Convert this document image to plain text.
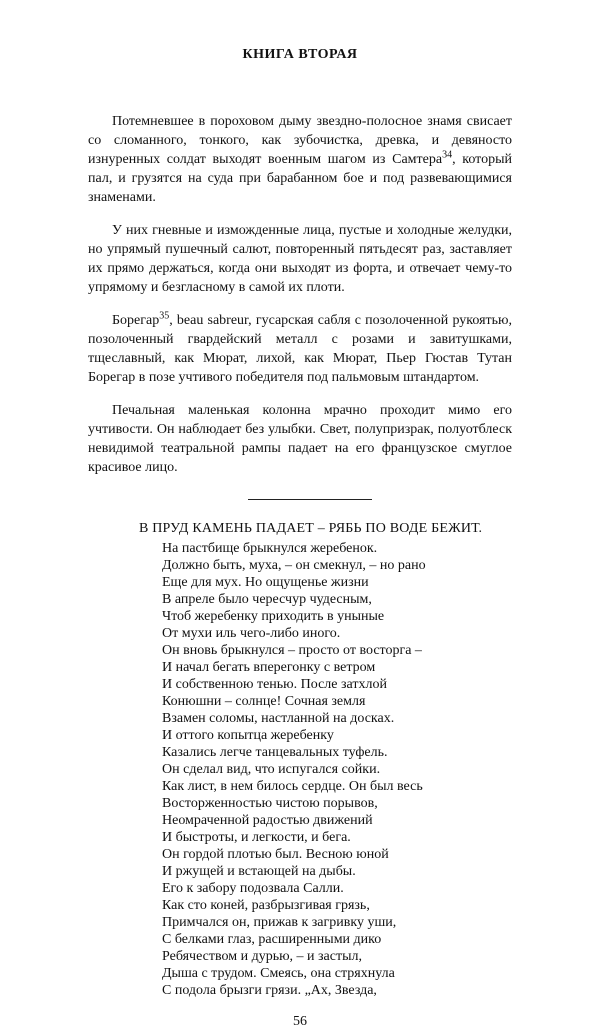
КНИГА ВТОРАЯ

Потемневшее в пороховом дыму звездно-полосное знамя свисает со сломанного, тонкого, как зубочистка, древка, и девяносто изнуренных солдат выходят военным шагом из Самтера$^{34}$, который пал, и грузятся на суда при барабанном бое и под развевающимися знаменами.

У них гневные и изможденные лица, пустые и холодные желудки, но упрямый пушечный салют, повторенный пятьдесят раз, заставляет их прямо держаться, когда они выходят из форта, и отвечает чему-то упрямому и безгласному в самой их плоти.

Борегар$^{35}$, beau sabreur, гусарская сабля с позолоченной рукоятью, позолоченный гвардейский металл с розами и завитушками, тщеславный, как Мюрат, лихой, как Мюрат, Пьер Гюстав Тутан Борегар в позе учтивого победителя под пальмовым штандартом.

Печальная маленькая колонна мрачно проходит мимо его учтивости. Он наблюдает без улыбки. Свет, полупризрак, полуотблеск невидимой театральной рампы падает на его французское смуглое красивое лицо.

В ПРУД КАМЕНЬ ПАДАЕТ – РЯБЬ ПО ВОДЕ БЕЖИТ.
На пастбище брыкнулся жеребенок.
Должно быть, муха, – он смекнул, – но рано
Еще для мух. Но ощущенье жизни
В апреле было чересчур чудесным,
Чтоб жеребенку приходить в уныные
От мухи иль чего-либо иного.
Он вновь брыкнулся – просто от восторга –
И начал бегать вперегонку с ветром
И собственною тенью. После затхлой
Конюшни – солнце! Сочная земля
Взамен соломы, настланной на досках.
И оттого копытца жеребенку
Казались легче танцевальных туфель.
Он сделал вид, что испугался сойки.
Как лист, в нем билось сердце. Он был весь
Восторженностью чистою порывов,
Неомраченной радостью движений
И быстроты, и легкости, и бега.
Он гордой плотью был. Весною юной
И ржущей и встающей на дыбы.
Его к забору подозвала Салли.
Как сто коней, разбрызгивая грязь,
Примчался он, прижав к загривку уши,
С белками глаз, расширенными дико
Ребячеством и дурью, – и застыл,
Дыша с трудом. Смеясь, она стряхнула
С подола брызги грязи. „Ах, Звезда,
56
